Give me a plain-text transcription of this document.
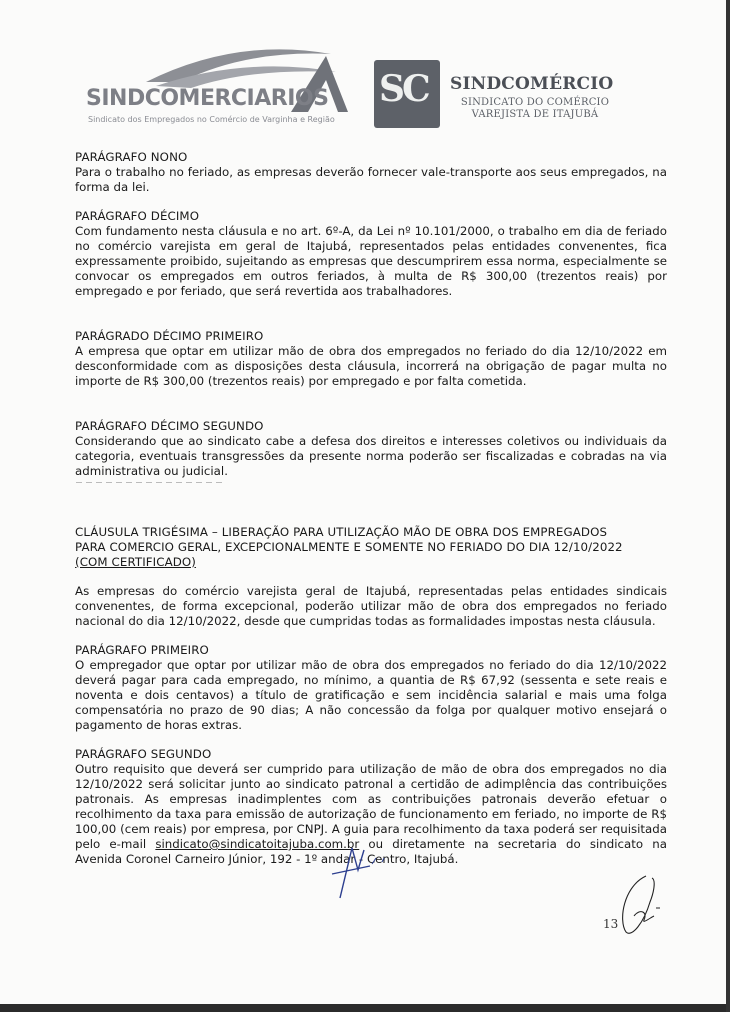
SINDCOMERCIARIOS
Sindicato dos Empregados no Comércio de Varginha e Região
SC SINDCOMÉRCIO
SINDICATO DO COMÉRCIO
VAREJISTA DE ITAJUBÁ

PARÁGRAFO NONO

Para o trabalho no feriado, as empresas deverão fornecer vale-transporte aos seus empregados, na forma da lei.

PARÁGRAFO DÉCIMO

Com fundamento nesta cláusula e no art. 6º-A, da Lei nº 10.101/2000, o trabalho em dia de feriado no comércio varejista em geral de Itajubá, representados pelas entidades convenentes, fica expressamente proibido, sujeitando as empresas que descumprirem essa norma, especialmente se convocar os empregados em outros feriados, à multa de R$ 300,00 (trezentos reais) por empregado e por feriado, que será revertida aos trabalhadores.

PARÁGRADO DÉCIMO PRIMEIRO

A empresa que optar em utilizar mão de obra dos empregados no feriado do dia 12/10/2022 em desconformidade com as disposições desta cláusula, incorrerá na obrigação de pagar multa no importe de R$ 300,00 (trezentos reais) por empregado e por falta cometida.

PARÁGRAFO DÉCIMO SEGUNDO

Considerando que ao sindicato cabe a defesa dos direitos e interesses coletivos ou individuais da categoria, eventuais transgressões da presente norma poderão ser fiscalizadas e cobradas na via administrativa ou judicial.

CLÁUSULA TRIGÉSIMA – LIBERAÇÃO PARA UTILIZAÇÃO MÃO DE OBRA DOS EMPREGADOS

PARA COMERCIO GERAL, EXCEPCIONALMENTE E SOMENTE NO FERIADO DO DIA 12/10/2022

(COM CERTIFICADO)

As empresas do comércio varejista geral de Itajubá, representadas pelas entidades sindicais convenentes, de forma excepcional, poderão utilizar mão de obra dos empregados no feriado nacional do dia 12/10/2022, desde que cumpridas todas as formalidades impostas nesta cláusula.

PARÁGRAFO PRIMEIRO

O empregador que optar por utilizar mão de obra dos empregados no feriado do dia 12/10/2022 deverá pagar para cada empregado, no mínimo, a quantia de R$ 67,92 (sessenta e sete reais e noventa e dois centavos) a título de gratificação e sem incidência salarial e mais uma folga compensatória no prazo de 90 dias; A não concessão da folga por qualquer motivo ensejará o pagamento de horas extras.

PARÁGRAFO SEGUNDO

Outro requisito que deverá ser cumprido para utilização de mão de obra dos empregados no dia 12/10/2022 será solicitar junto ao sindicato patronal a certidão de adimplência das contribuições patronais. As empresas inadimplentes com as contribuições patronais deverão efetuar o recolhimento da taxa para emissão de autorização de funcionamento em feriado, no importe de R$ 100,00 (cem reais) por empresa, por CNPJ. A guia para recolhimento da taxa poderá ser requisitada pelo e-mail sindicato@sindicatoitajuba.com.br ou diretamente na secretaria do sindicato na Avenida Coronel Carneiro Júnior, 192 - 1º andar - Centro, Itajubá.

13
